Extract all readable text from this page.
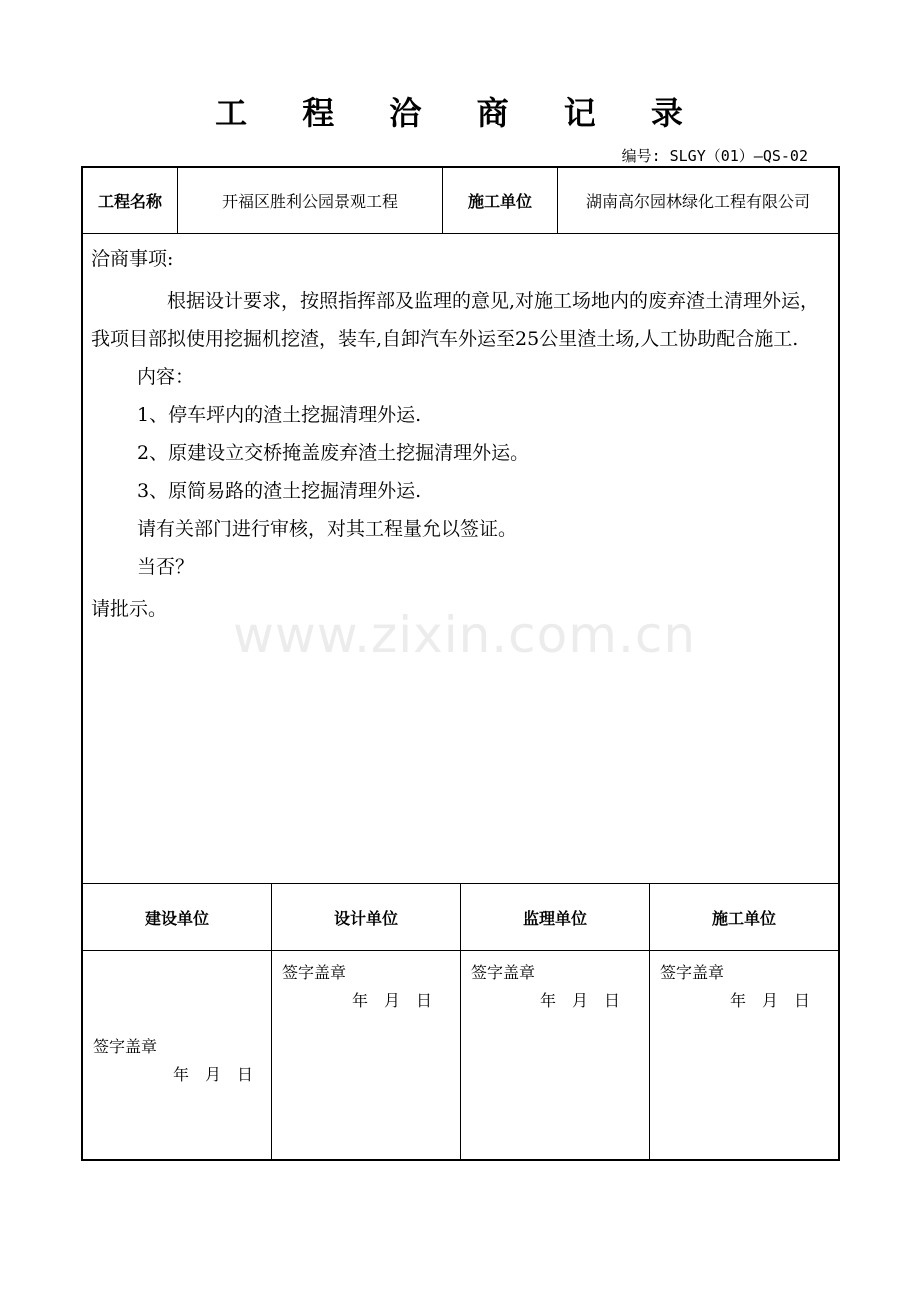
工 程 洽 商 记 录
编号: SLGY（01）—QS-02
工程名称	开福区胜利公园景观工程	施工单位	湖南高尔园林绿化工程有限公司

洽商事项:

根据设计要求，按照指挥部及监理的意见,对施工场地内的废弃渣土清理外运，我项目部拟使用挖掘机挖渣，装车,自卸汽车外运至25公里渣土场,人工协助配合施工.

内容：

1、停车坪内的渣土挖掘清理外运.

2、原建设立交桥掩盖废弃渣土挖掘清理外运。

3、原简易路的渣土挖掘清理外运.

请有关部门进行审核，对其工程量允以签证。

当否？

请批示。	www.zixin.com.cn
建设单位	设计单位	监理单位	施工单位
签字盖章
年　月　日
签字盖章
年　月　日
签字盖章
年　月　日
签字盖章
年　月　日
